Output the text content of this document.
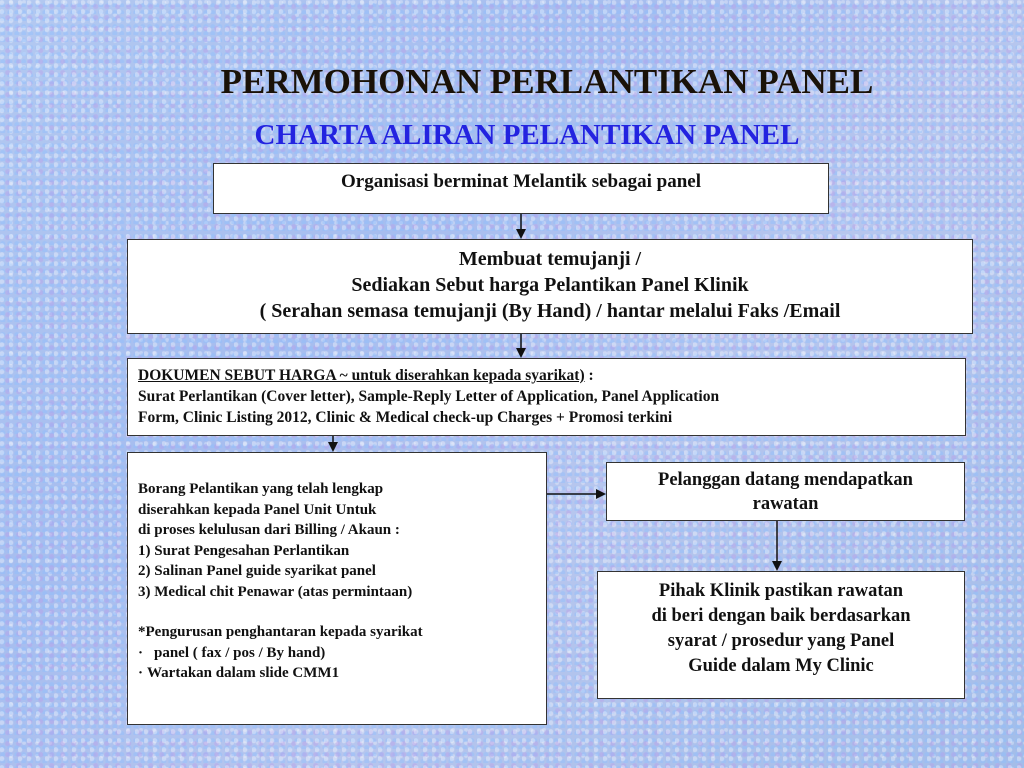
PERMOHONAN PERLANTIKAN PANEL
CHARTA ALIRAN PELANTIKAN PANEL
Organisasi berminat Melantik sebagai panel
Membuat temujanji /
Sediakan Sebut harga Pelantikan Panel Klinik
( Serahan semasa temujanji (By Hand) / hantar melalui Faks /Email
DOKUMEN SEBUT HARGA ~ untuk diserahkan kepada syarikat) :
Surat Perlantikan (Cover letter), Sample-Reply Letter of Application, Panel Application
Form, Clinic Listing 2012, Clinic & Medical check-up Charges + Promosi terkini
Borang Pelantikan yang telah lengkap
diserahkan kepada Panel Unit Untuk
di proses kelulusan dari Billing / Akaun :
1) Surat Pengesahan Perlantikan
2) Salinan Panel guide syarikat panel
3) Medical chit Penawar (atas permintaan)
*Pengurusan penghantaran kepada syarikat
· panel ( fax / pos / By hand)
· Wartakan dalam slide CMM1
Pelanggan datang mendapatkan
rawatan
Pihak Klinik pastikan rawatan
di beri dengan baik berdasarkan
syarat / prosedur yang Panel
Guide dalam My Clinic
